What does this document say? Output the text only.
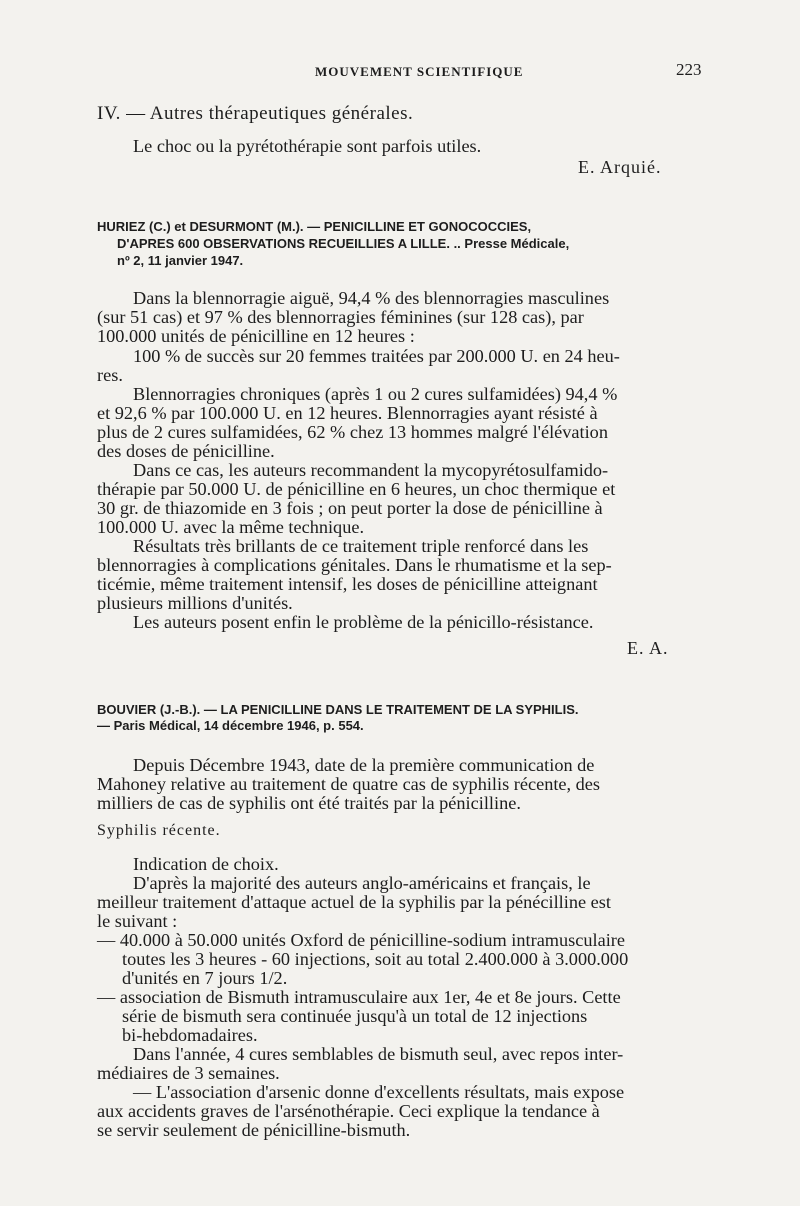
MOUVEMENT SCIENTIFIQUE	223
IV. — Autres thérapeutiques générales.
Le choc ou la pyrétothérapie sont parfois utiles.
E. Arquié.
HURIEZ (C.) et DESURMONT (M.). — PENICILLINE ET GONOCOCCIES,
D'APRES 600 OBSERVATIONS RECUEILLIES A LILLE. .. Presse Médicale,
nº 2, 11 janvier 1947.
Dans la blennorragie aiguë, 94,4 % des blennorragies masculines
(sur 51 cas) et 97 % des blennorragies féminines (sur 128 cas), par
100.000 unités de pénicilline en 12 heures :
100 % de succès sur 20 femmes traitées par 200.000 U. en 24 heu-
res.
Blennorragies chroniques (après 1 ou 2 cures sulfamidées) 94,4 %
et 92,6 % par 100.000 U. en 12 heures. Blennorragies ayant résisté à
plus de 2 cures sulfamidées, 62 % chez 13 hommes malgré l'élévation
des doses de pénicilline.
Dans ce cas, les auteurs recommandent la mycopyrétosulfamido-
thérapie par 50.000 U. de pénicilline en 6 heures, un choc thermique et
30 gr. de thiazomide en 3 fois ; on peut porter la dose de pénicilline à
100.000 U. avec la même technique.
Résultats très brillants de ce traitement triple renforcé dans les
blennorragies à complications génitales. Dans le rhumatisme et la sep-
ticémie, même traitement intensif, les doses de pénicilline atteignant
plusieurs millions d'unités.
Les auteurs posent enfin le problème de la pénicillo-résistance.
E. A.
BOUVIER (J.-B.). — LA PENICILLINE DANS LE TRAITEMENT DE LA SYPHILIS.
— Paris Médical, 14 décembre 1946, p. 554.
Depuis Décembre 1943, date de la première communication de
Mahoney relative au traitement de quatre cas de syphilis récente, des
milliers de cas de syphilis ont été traités par la pénicilline.
Syphilis récente.
Indication de choix.
D'après la majorité des auteurs anglo-américains et français, le
meilleur traitement d'attaque actuel de la syphilis par la pénécilline est
le suivant :
— 40.000 à 50.000 unités Oxford de pénicilline-sodium intramusculaire
toutes les 3 heures - 60 injections, soit au total 2.400.000 à 3.000.000
d'unités en 7 jours 1/2.
— association de Bismuth intramusculaire aux 1er, 4e et 8e jours. Cette
série de bismuth sera continuée jusqu'à un total de 12 injections
bi-hebdomadaires.
Dans l'année, 4 cures semblables de bismuth seul, avec repos inter-
médiaires de 3 semaines.
— L'association d'arsenic donne d'excellents résultats, mais expose
aux accidents graves de l'arsénothérapie. Ceci explique la tendance à
se servir seulement de pénicilline-bismuth.
